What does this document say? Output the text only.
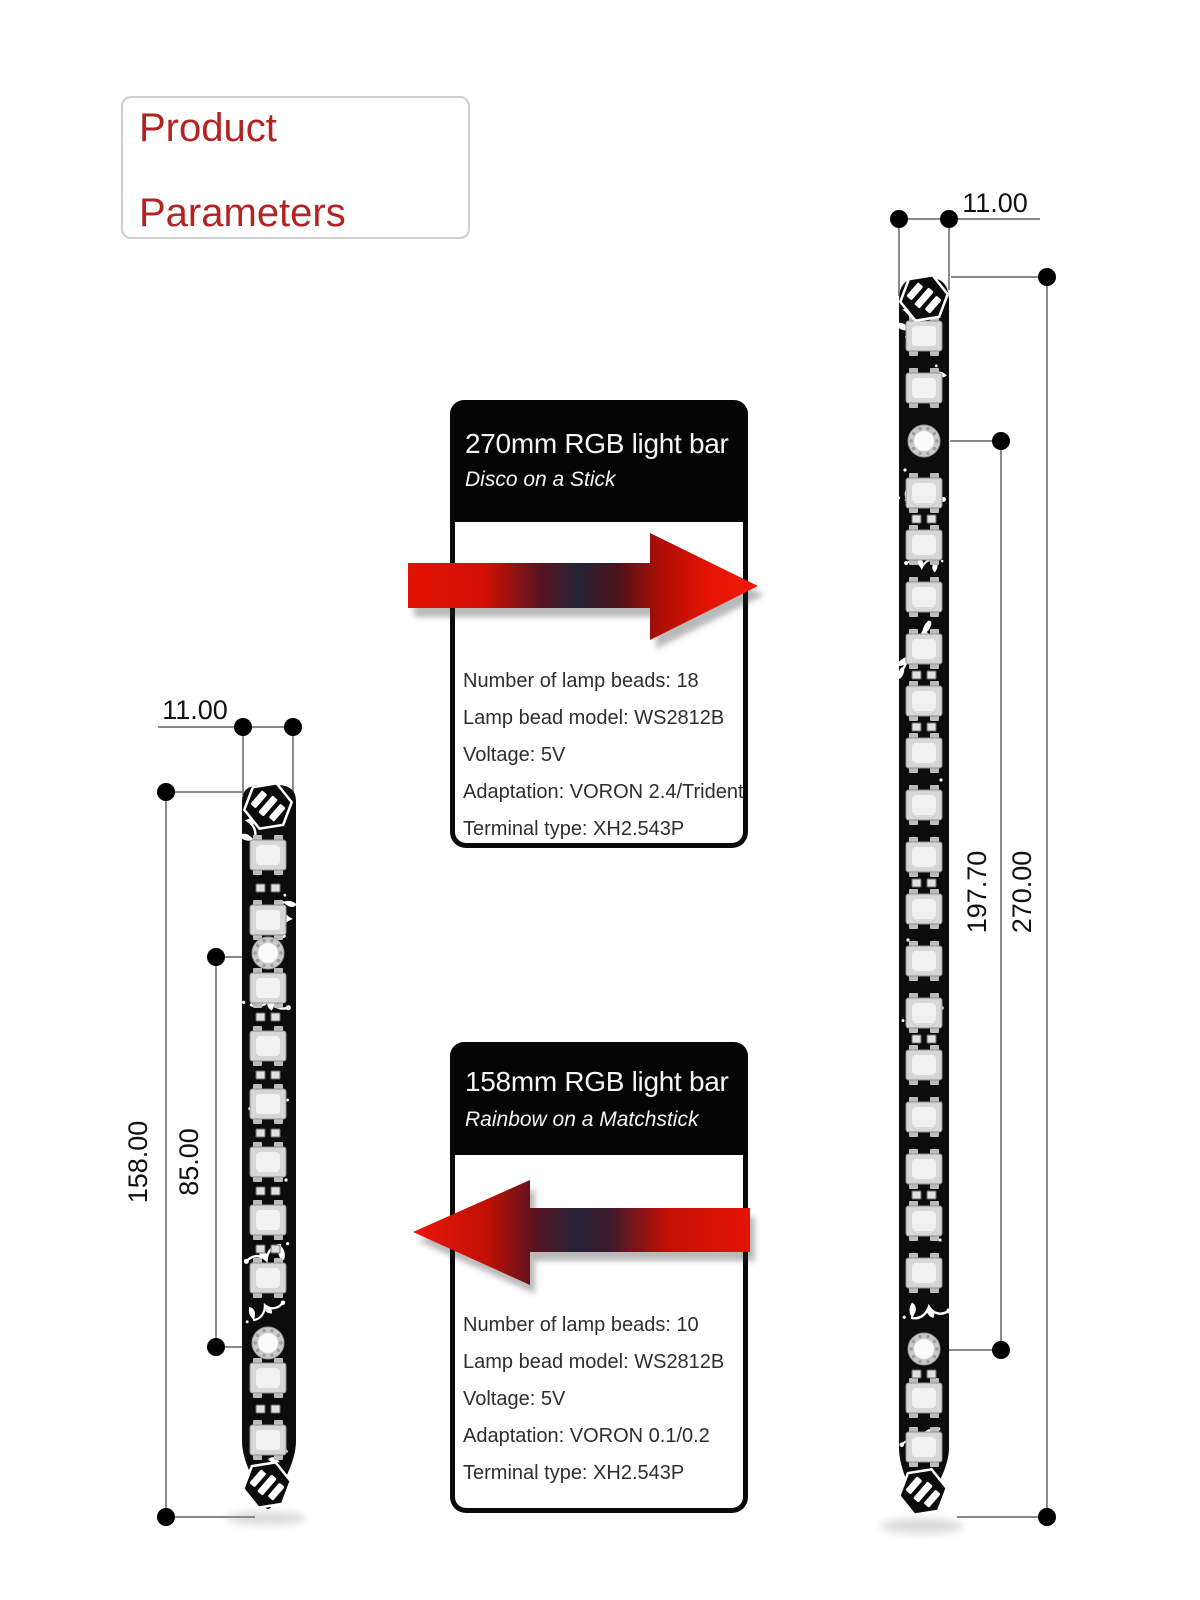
11.00
197.70 270.00
11.00
158.00 85.00
Product
Parameters
270mm RGB light bar
Disco on a Stick
Number of lamp beads: 18
Lamp bead model: WS2812B
Voltage: 5V
Adaptation: VORON 2.4/Trident
Terminal type: XH2.543P
158mm RGB light bar
Rainbow on a Matchstick
Number of lamp beads: 10
Lamp bead model: WS2812B
Voltage: 5V
Adaptation: VORON 0.1/0.2
Terminal type: XH2.543P
